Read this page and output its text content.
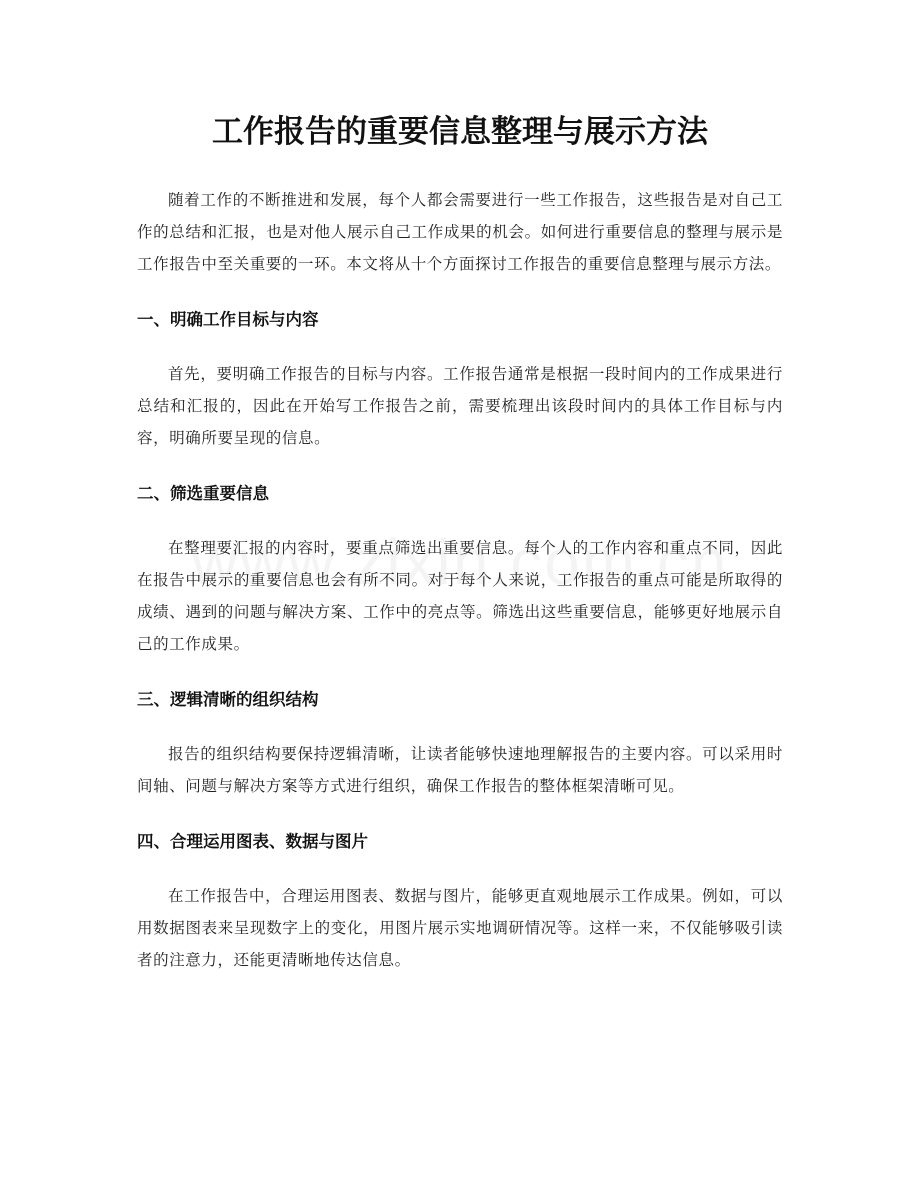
工作报告的重要信息整理与展示方法

随着工作的不断推进和发展，每个人都会需要进行一些工作报告，这些报告是对自己工作的总结和汇报，也是对他人展示自己工作成果的机会。如何进行重要信息的整理与展示是工作报告中至关重要的一环。本文将从十个方面探讨工作报告的重要信息整理与展示方法。

一、明确工作目标与内容

首先，要明确工作报告的目标与内容。工作报告通常是根据一段时间内的工作成果进行总结和汇报的，因此在开始写工作报告之前，需要梳理出该段时间内的具体工作目标与内容，明确所要呈现的信息。

二、筛选重要信息

在整理要汇报的内容时，要重点筛选出重要信息。每个人的工作内容和重点不同，因此在报告中展示的重要信息也会有所不同。对于每个人来说，工作报告的重点可能是所取得的成绩、遇到的问题与解决方案、工作中的亮点等。筛选出这些重要信息，能够更好地展示自己的工作成果。

三、逻辑清晰的组织结构

报告的组织结构要保持逻辑清晰，让读者能够快速地理解报告的主要内容。可以采用时间轴、问题与解决方案等方式进行组织，确保工作报告的整体框架清晰可见。

四、合理运用图表、数据与图片

在工作报告中，合理运用图表、数据与图片，能够更直观地展示工作成果。例如，可以用数据图表来呈现数字上的变化，用图片展示实地调研情况等。这样一来，不仅能够吸引读者的注意力，还能更清晰地传达信息。
